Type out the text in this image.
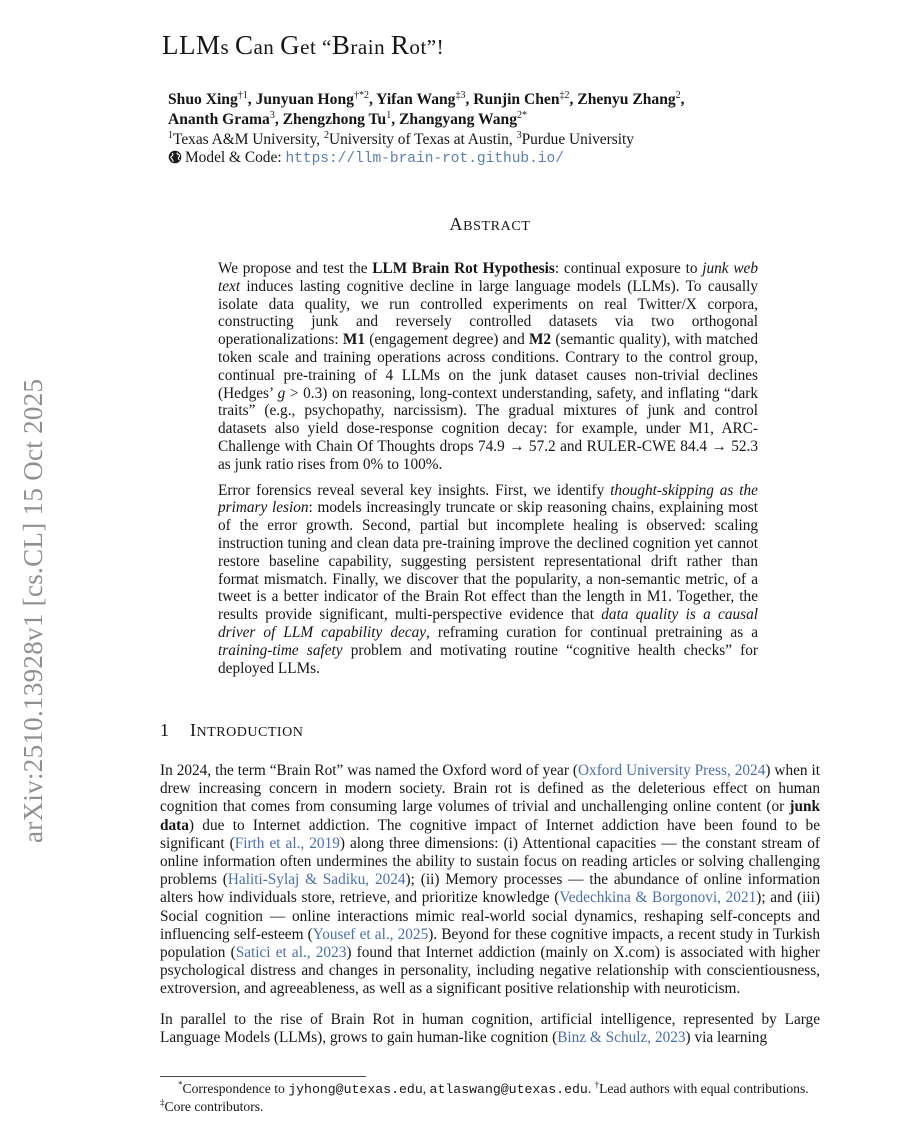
arXiv:2510.13928v1 [cs.CL] 15 Oct 2025
LLMs Can Get “Brain Rot”!
Shuo Xing$^{\dagger 1}$, Junyuan Hong$^{\dagger*2}$, Yifan Wang$^{\ddagger 3}$, Runjin Chen$^{\ddagger 2}$, Zhenyu Zhang$^2$,
Ananth Grama$^3$, Zhengzhong Tu$^1$, Zhangyang Wang$^{2*}$
$^1$Texas A&M University, $^2$University of Texas at Austin, $^3$Purdue University
Model & Code: https://llm-brain-rot.github.io/
ABSTRACT

We propose and test the LLM Brain Rot Hypothesis: continual exposure to junk web text induces lasting cognitive decline in large language models (LLMs). To causally isolate data quality, we run controlled experiments on real Twitter/X corpora, constructing junk and reversely controlled datasets via two orthogonal operationalizations: M1 (engagement degree) and M2 (semantic quality), with matched token scale and training operations across conditions. Contrary to the control group, continual pre-training of 4 LLMs on the junk dataset causes non-trivial declines (Hedges’ g > 0.3) on reasoning, long-context understanding, safety, and inflating “dark traits” (e.g., psychopathy, narcissism). The gradual mixtures of junk and control datasets also yield dose-response cognition decay: for example, under M1, ARC-Challenge with Chain Of Thoughts drops 74.9 → 57.2 and RULER-CWE 84.4 → 52.3 as junk ratio rises from 0% to 100%.

Error forensics reveal several key insights. First, we identify thought-skipping as the primary lesion: models increasingly truncate or skip reasoning chains, explaining most of the error growth. Second, partial but incomplete healing is observed: scaling instruction tuning and clean data pre-training improve the declined cognition yet cannot restore baseline capability, suggesting persistent representational drift rather than format mismatch. Finally, we discover that the popularity, a non-semantic metric, of a tweet is a better indicator of the Brain Rot effect than the length in M1. Together, the results provide significant, multi-perspective evidence that data quality is a causal driver of LLM capability decay, reframing curation for continual pretraining as a training-time safety problem and motivating routine “cognitive health checks” for deployed LLMs.

1 INTRODUCTION

In 2024, the term “Brain Rot” was named the Oxford word of year (Oxford University Press, 2024) when it drew increasing concern in modern society. Brain rot is defined as the deleterious effect on human cognition that comes from consuming large volumes of trivial and unchallenging online content (or junk data) due to Internet addiction. The cognitive impact of Internet addiction have been found to be significant (Firth et al., 2019) along three dimensions: (i) Attentional capacities — the constant stream of online information often undermines the ability to sustain focus on reading articles or solving challenging problems (Haliti-Sylaj & Sadiku, 2024); (ii) Memory processes — the abundance of online information alters how individuals store, retrieve, and prioritize knowledge (Vedechkina & Borgonovi, 2021); and (iii) Social cognition — online interactions mimic real-world social dynamics, reshaping self-concepts and influencing self-esteem (Yousef et al., 2025). Beyond for these cognitive impacts, a recent study in Turkish population (Satici et al., 2023) found that Internet addiction (mainly on X.com) is associated with higher psychological distress and changes in personality, including negative relationship with conscientiousness, extroversion, and agreeableness, as well as a significant positive relationship with neuroticism.

In parallel to the rise of Brain Rot in human cognition, artificial intelligence, represented by Large Language Models (LLMs), grows to gain human-like cognition (Binz & Schulz, 2023) via learning

*Correspondence to jyhong@utexas.edu, atlaswang@utexas.edu. †Lead authors with equal contributions. ‡Core contributors.
